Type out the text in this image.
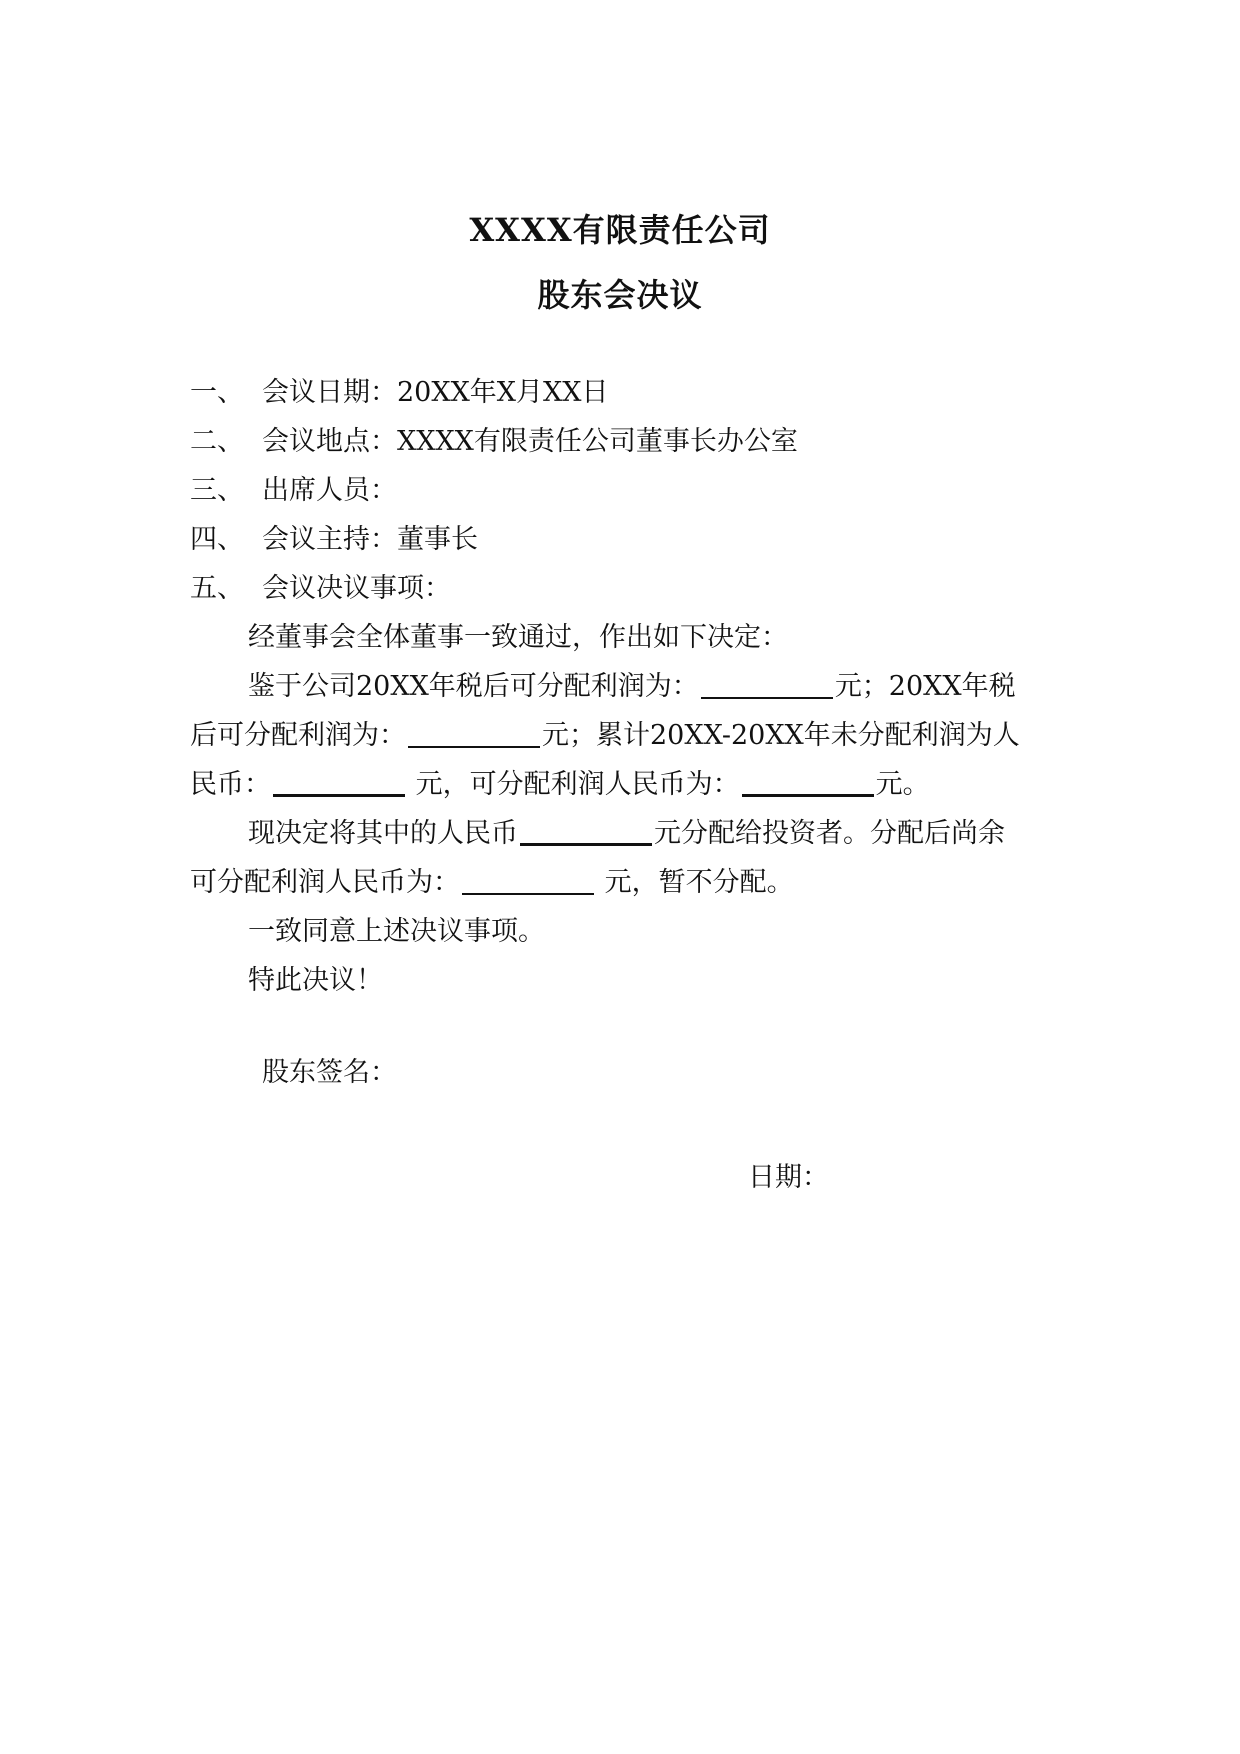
XXXX有限责任公司
股东会决议
一、 会议日期：20XX年X月XX日
二、 会议地点：XXXX有限责任公司董事长办公室
三、 出席人员：
四、 会议主持：董事长
五、 会议决议事项：
经董事会全体董事一致通过，作出如下决定：
鉴于公司20XX年税后可分配利润为：	元；20XX年税
后可分配利润为：	元；累计20XX-20XX年未分配利润为人
民币：	元，可分配利润人民币为：	元。
现决定将其中的人民币	元分配给投资者。分配后尚余
可分配利润人民币为：	元，暂不分配。
一致同意上述决议事项。
特此决议！
股东签名：
日期：
